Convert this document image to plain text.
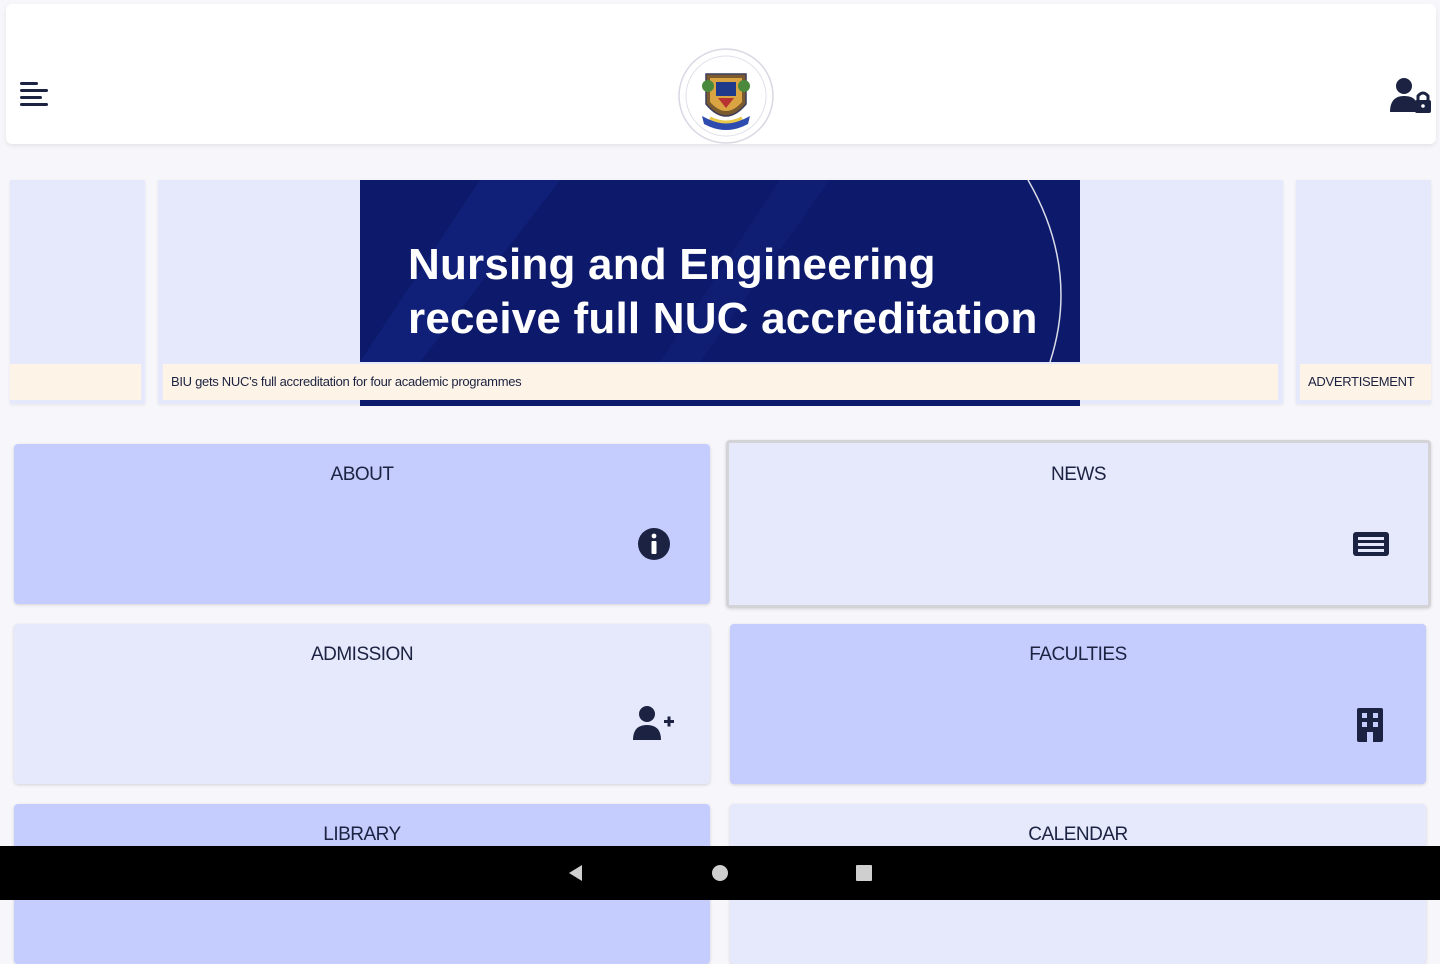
Nursing and Engineering
receive full NUC accreditation
BIU gets NUC’s full accreditation for four academic programmes	ADVERTISEMENT
ABOUT	NEWS
ADMISSION	FACULTIES
LIBRARY	CALENDAR
